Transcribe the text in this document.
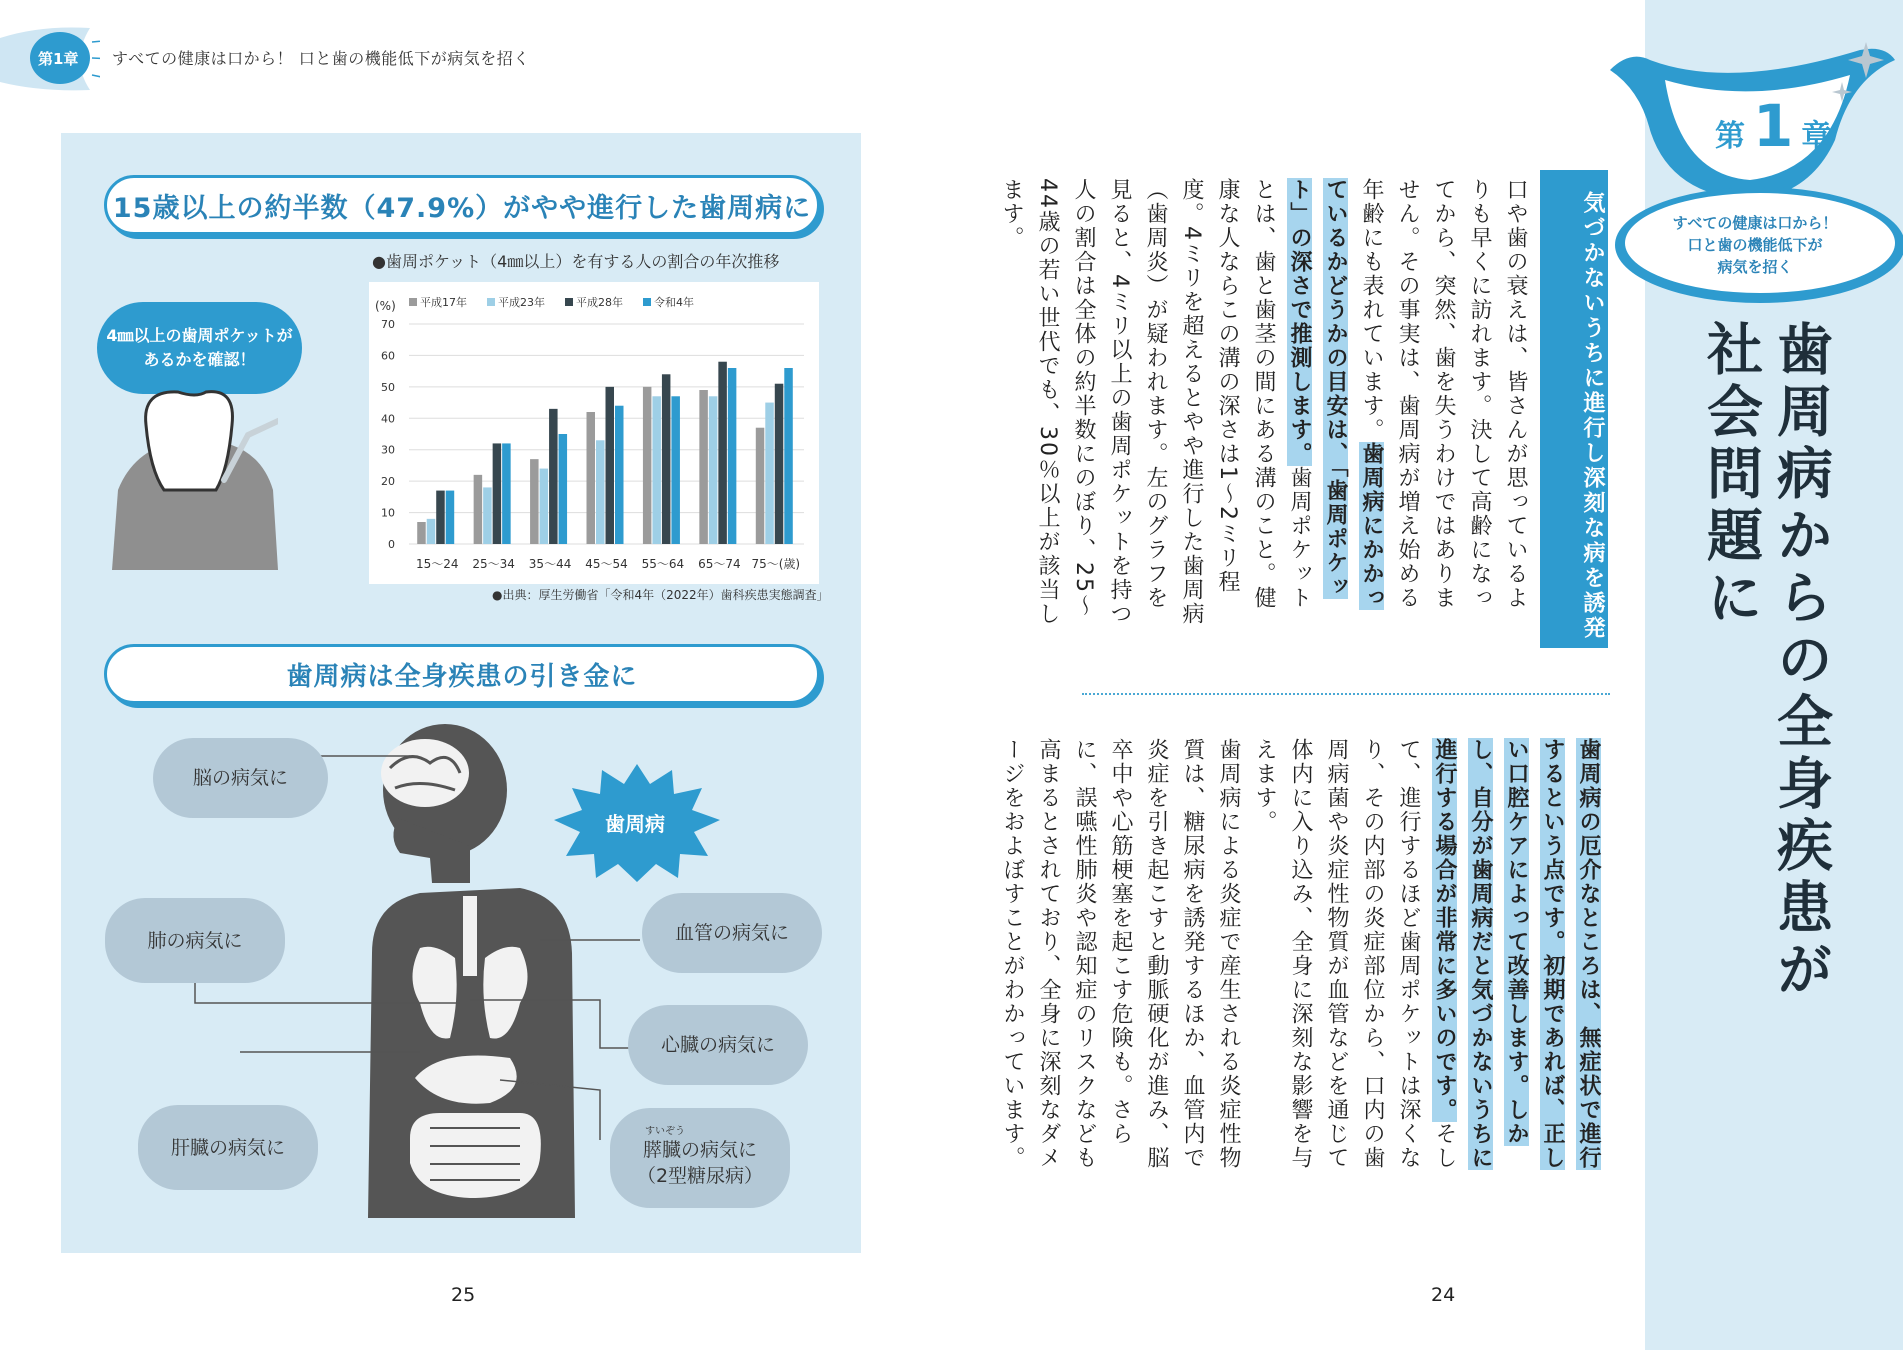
第1章 すべての健康は口から！ 口と歯の機能低下が病気を招く
15歳以上の約半数（47.9%）がやや進行した歯周病に
●歯周ポケット（4㎜以上）を有する人の割合の年次推移
4㎜以上の歯周ポケットが
あるかを確認！
(%)
0
10
20
30
40
50
60
70
平成17年	平成23年	平成28年	令和4年
15～24 25～34 35～44 45～54 55～64 65～74 75～(歳)
●出典：厚生労働省「令和4年（2022年）歯科疾患実態調査」
歯周病は全身疾患の引き金に
歯周病
脳の病気に
肺の病気に
肝臓の病気に
血管の病気に
心臓の病気に
すいぞう
膵臓の病気に
（2型糖尿病）
25
第 1 章
すべての健康は口から！
口と歯の機能低下が
病気を招く
歯周病からの全身疾患が
社会問題に
気づかないうちに進行し深刻な病を誘発
口や歯の衰えは、皆さんが思っているよりも早くに訪れます。決して高齢になってから、突然、歯を失うわけではありません。その事実は、歯周病が増え始める年齢にも表れています。歯周病にかかっているかどうかの目安は、「歯周ポケット」の深さで推測します。歯周ポケットとは、歯と歯茎の間にある溝のこと。健康な人ならこの溝の深さは1～2ミリ程度。4ミリを超えるとやや進行した歯周病（歯周炎）が疑われます。左のグラフを見ると、4ミリ以上の歯周ポケットを持つ人の割合は全体の約半数にのぼり、25～44歳の若い世代でも、30％以上が該当します。
歯周病の厄介なところは、無症状で進行するという点です。初期であれば、正しい口腔ケアによって改善します。しかし、自分が歯周病だと気づかないうちに進行する場合が非常に多いのです。そして、進行するほど歯周ポケットは深くなり、その内部の炎症部位から、口内の歯周病菌や炎症性物質が血管などを通じて体内に入り込み、全身に深刻な影響を与えます。
歯周病による炎症で産生される炎症性物質は、糖尿病を誘発するほか、血管内で炎症を引き起こすと動脈硬化が進み、脳卒中や心筋梗塞を起こす危険も。さらに、誤嚥性肺炎や認知症のリスクなども高まるとされており、全身に深刻なダメージをおよぼすことがわかっています。
24
